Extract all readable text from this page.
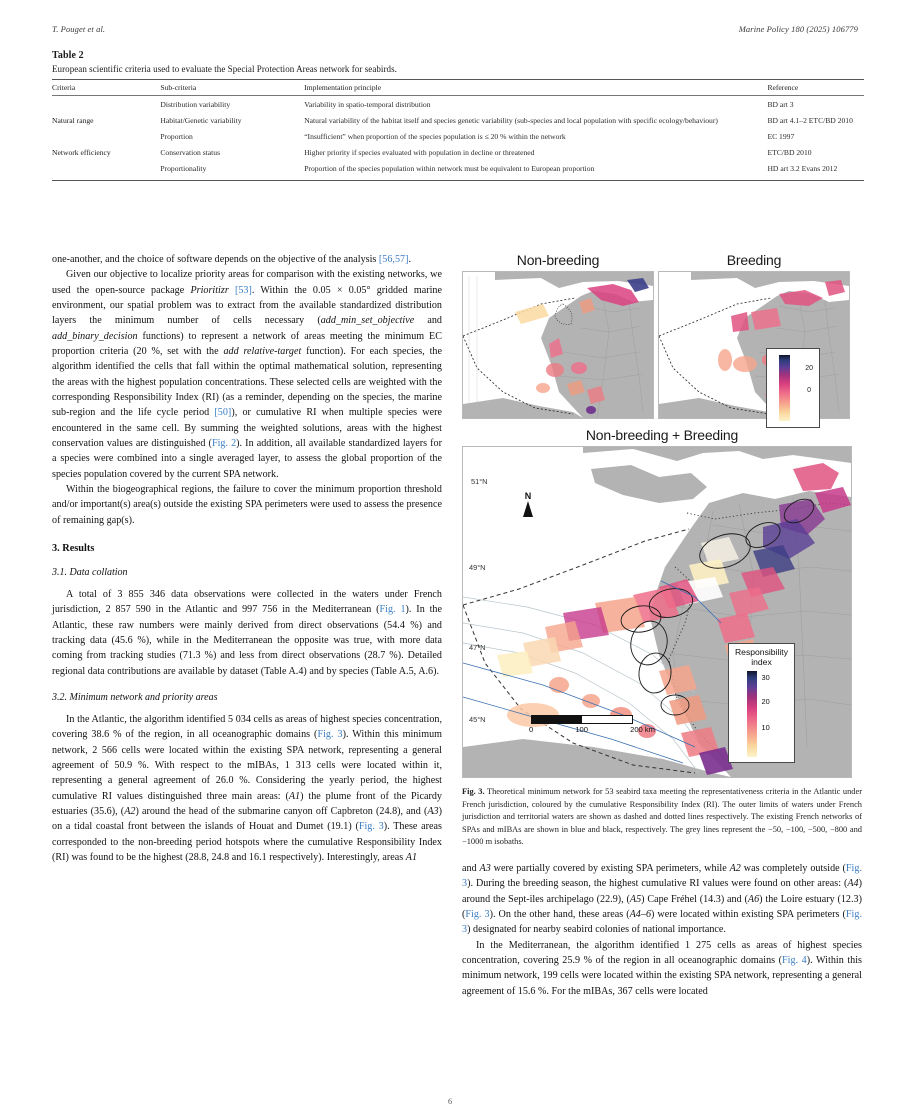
T. Pouget et al.	Marine Policy 180 (2025) 106779
Table 2
European scientific criteria used to evaluate the Special Protection Areas network for seabirds.
Criteria	Sub-criteria	Implementation principle	Reference
	Distribution variability	Variability in spatio-temporal distribution	BD art 3
Natural range	Habitat/Genetic variability	Natural variability of the habitat itself and species genetic variability (sub-species and local population with specific ecology/behaviour)	BD art 4.1–2 ETC/BD 2010
	Proportion	“Insufficient” when proportion of the species population is ≤ 20 % within the network	EC 1997
Network efficiency	Conservation status	Higher priority if species evaluated with population in decline or threatened	ETC/BD 2010
	Proportionality	Proportion of the species population within network must be equivalent to European proportion	HD art 3.2 Evans 2012

one-another, and the choice of software depends on the objective of the analysis [56,57].

Given our objective to localize priority areas for comparison with the existing networks, we used the open-source package Prioritizr [53]. Within the 0.05 × 0.05° gridded marine environment, our spatial problem was to extract from the available standardized distribution layers the minimum number of cells necessary (add_min_set_objective and add_binary_decision functions) to represent a network of areas meeting the minimum EC proportion criteria (20 %, set with the add relative-target function). For each species, the algorithm identified the cells that fall within the optimal mathematical solution, representing the areas with the highest population concentrations. These selected cells are weighted with the corresponding Responsibility Index (RI) (as a reminder, depending on the species, the marine sub-region and the life cycle period [50]), or cumulative RI when multiple species were encountered in the same cell. By summing the weighted solutions, areas with the highest conservation values are distinguished (Fig. 2). In addition, all available standardized layers for a species were combined into a single averaged layer, to assess the global proportion of the species population covered by the current SPA network.

Within the biogeographical regions, the failure to cover the minimum proportion threshold and/or important(s) area(s) outside the existing SPA perimeters were used to assess the presence of remaining gap(s).

3. Results
3.1. Data collation

A total of 3 855 346 data observations were collected in the waters under French jurisdiction, 2 857 590 in the Atlantic and 997 756 in the Mediterranean (Fig. 1). In the Atlantic, these raw numbers were mainly derived from direct observations (54.4 %) and tracking data (45.6 %), while in the Mediterranean the opposite was true, with more data coming from tracking studies (71.3 %) and less from direct observations (28.7 %). Detailed regional data contributions are available by dataset (Table A.4) and by species (Table A.5, A.6).

3.2. Minimum network and priority areas

In the Atlantic, the algorithm identified 5 034 cells as areas of highest species concentration, covering 38.6 % of the region, in all oceanographic domains (Fig. 3). Within this minimum network, 2 566 cells were located within the existing SPA network, representing a general agreement of 50.9 %. With respect to the mIBAs, 1 313 cells were located within it, representing a general agreement of 26.0 %. Considering the yearly period, the highest cumulative RI values distinguished three main areas: (A1) the plume front of the Picardy estuaries (35.6), (A2) around the head of the submarine canyon off Capbreton (24.8), and (A3) on a tidal coastal front between the islands of Houat and Dumet (19.1) (Fig. 3). These areas corresponded to the non-breeding period hotspots where the cumulative Responsibility Index (RI) was found to be the highest (28.8, 24.8 and 16.1 respectively). Interestingly, areas A1

Non-breeding	Breeding
20
0
Non-breeding + Breeding
51°N
49°N
47°N
45°N
N
0	100	200 km
Responsibility
index
30
20
10

Fig. 3. Theoretical minimum network for 53 seabird taxa meeting the representativeness criteria in the Atlantic under French jurisdiction, coloured by the cumulative Responsibility Index (RI). The outer limits of waters under French jurisdiction and territorial waters are shown as dashed and dotted lines respectively. The existing French networks of SPAs and mIBAs are shown in blue and black, respectively. The grey lines represent the −50, −100, −500, −800 and −1000 m isobaths.

and A3 were partially covered by existing SPA perimeters, while A2 was completely outside (Fig. 3). During the breeding season, the highest cumulative RI values were found on other areas: (A4) around the Sept-iles archipelago (22.9), (A5) Cape Fréhel (14.3) and (A6) the Loire estuary (12.3) (Fig. 3). On the other hand, these areas (A4–6) were located within existing SPA perimeters (Fig. 3) designated for nearby seabird colonies of national importance.

In the Mediterranean, the algorithm identified 1 275 cells as areas of highest species concentration, covering 25.9 % of the region in all oceanographic domains (Fig. 4). Within this minimum network, 199 cells were located within the existing SPA network, representing a general agreement of 15.6 %. For the mIBAs, 367 cells were located

6
